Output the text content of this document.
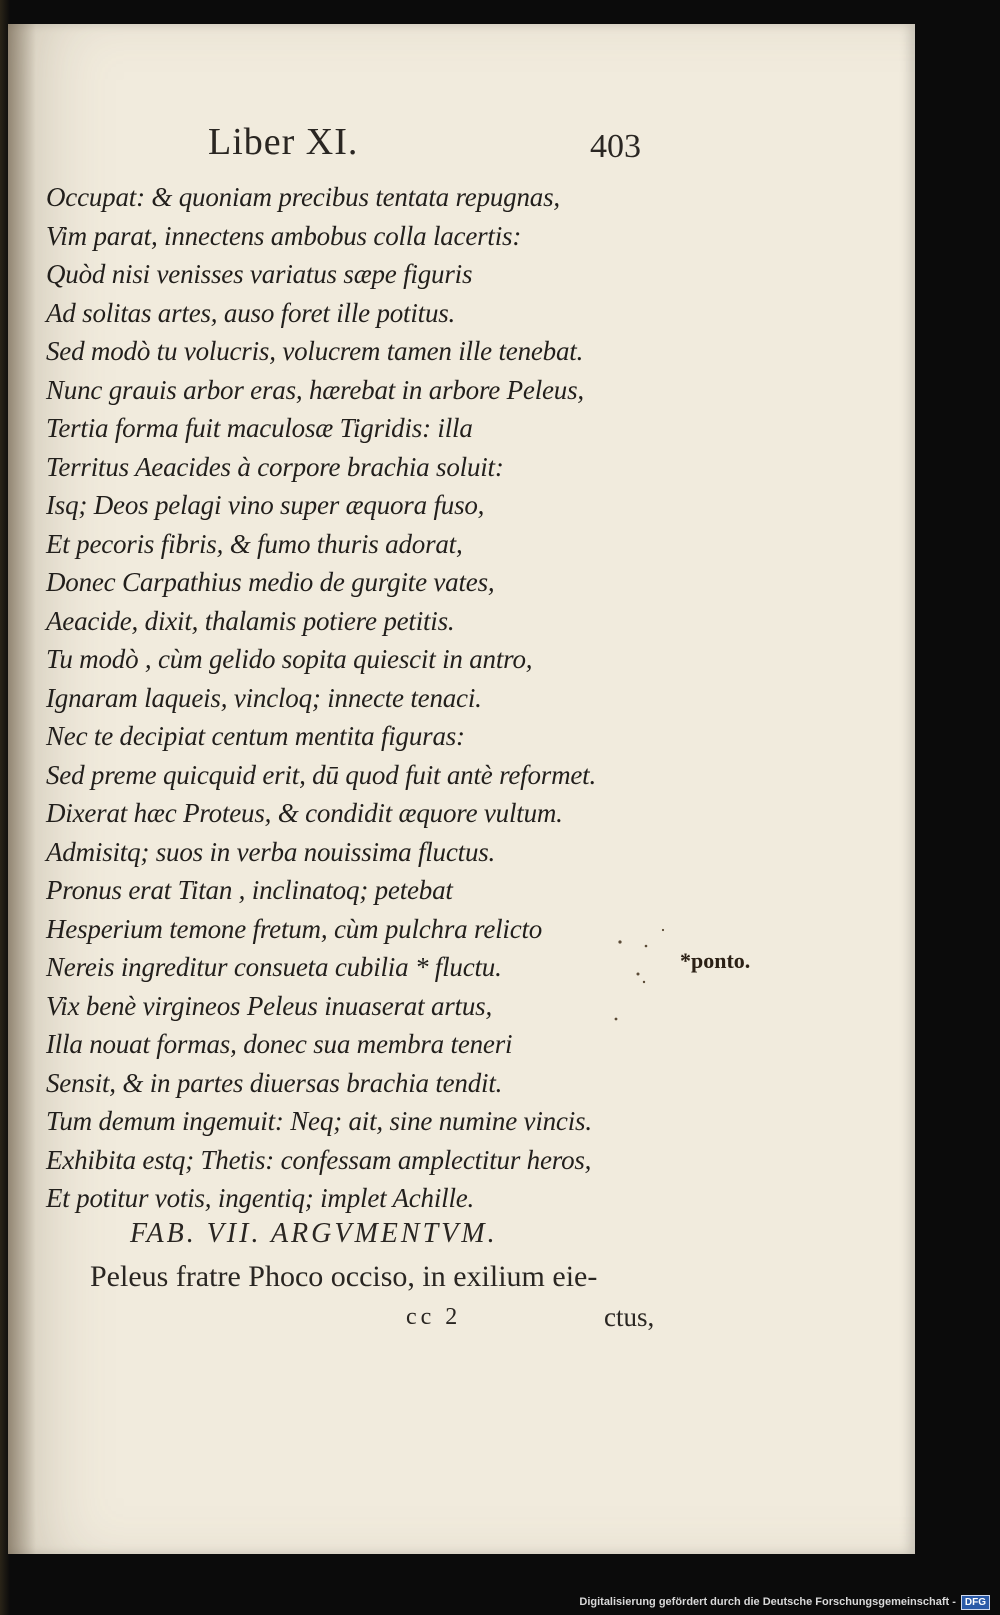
Liber XI.	403
Occupat: & quoniam precibus tentata repugnas,
Vim parat, innectens ambobus colla lacertis:
Quòd nisi venisses variatus sæpe figuris
Ad solitas artes, auso foret ille potitus.
Sed modò tu volucris, volucrem tamen ille tenebat.
Nunc grauis arbor eras, hærebat in arbore Peleus,
Tertia forma fuit maculosæ Tigridis: illa
Territus Aeacides à corpore brachia soluit:
Isq; Deos pelagi vino super æquora fuso,
Et pecoris fibris, & fumo thuris adorat,
Donec Carpathius medio de gurgite vates,
Aeacide, dixit, thalamis potiere petitis.
Tu modò , cùm gelido sopita quiescit in antro,
Ignaram laqueis, vincloq; innecte tenaci.
Nec te decipiat centum mentita figuras:
Sed preme quicquid erit, dū quod fuit antè reformet.
Dixerat hæc Proteus, & condidit æquore vultum.
Admisitq; suos in verba nouissima fluctus.
Pronus erat Titan , inclinatoq; petebat
Hesperium temone fretum, cùm pulchra relicto
Nereis ingreditur consueta cubilia * fluctu.
Vix benè virgineos Peleus inuaserat artus,
Illa nouat formas, donec sua membra teneri
Sensit, & in partes diuersas brachia tendit.
Tum demum ingemuit: Neq; ait, sine numine vincis.
Exhibita estq; Thetis: confessam amplectitur heros,
Et potitur votis, ingentiq; implet Achille.
*ponto.
FAB. VII. ARGVMENTVM.
Peleus fratre Phoco occiso, in exilium eie-
cc 2	ctus,
Digitalisierung gefördert durch die Deutsche Forschungsgemeinschaft - DFG
